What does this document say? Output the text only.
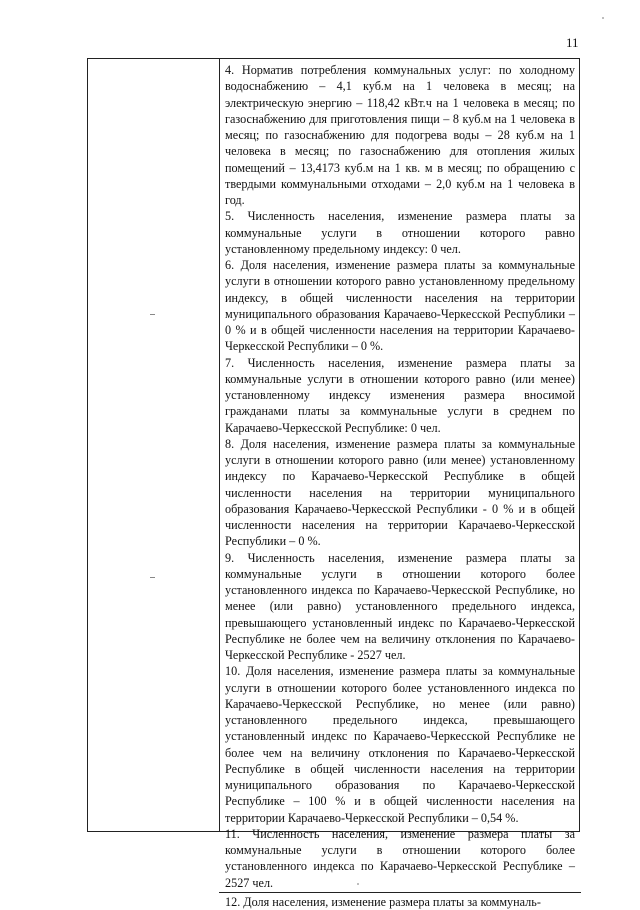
11

4. Норматив потребления коммунальных услуг: по холодному водоснабжению – 4,1 куб.м на 1 человека в месяц; на электрическую энергию – 118,42 кВт.ч на 1 человека в месяц; по газоснабжению для приготовления пищи – 8 куб.м на 1 человека в месяц; по газоснабжению для подогрева воды – 28 куб.м на 1 человека в месяц; по газоснабжению для отопления жилых помещений – 13,4173 куб.м на 1 кв. м в месяц; по обращению с твердыми коммунальными отходами – 2,0 куб.м на 1 человека в год.

5. Численность населения, изменение размера платы за коммунальные услуги в отношении которого равно установленному предельному индексу: 0 чел.

6. Доля населения, изменение размера платы за коммунальные услуги в отношении которого равно установленному предельному индексу, в общей численности населения на территории муниципального образования Карачаево-Черкесской Республики –0 % и в общей численности населения на территории Карачаево-Черкесской Республики – 0 %.

7. Численность населения, изменение размера платы за коммунальные услуги в отношении которого равно (или менее) установленному индексу изменения размера вносимой гражданами платы за коммунальные услуги в среднем по Карачаево-Черкесской Республике: 0 чел.

8. Доля населения, изменение размера платы за коммунальные услуги в отношении которого равно (или менее) установленному индексу по Карачаево-Черкесской Республике в общей численности населения на территории муниципального образования Карачаево-Черкесской Республики - 0 % и в общей численности населения на территории Карачаево-Черкесской Республики – 0 %.

9. Численность населения, изменение размера платы за коммунальные услуги в отношении которого более установленного индекса по Карачаево-Черкесской Республике, но менее (или равно) установленного предельного индекса, превышающего установленный индекс по Карачаево-Черкесской Республике не более чем на величину отклонения по Карачаево-Черкесской Республике - 2527 чел.

10. Доля населения, изменение размера платы за коммунальные услуги в отношении которого более установленного индекса по Карачаево-Черкесской Республике, но менее (или равно) установленного предельного индекса, превышающего установленный индекс по Карачаево-Черкесской Республике не более чем на величину отклонения по Карачаево-Черкесской Республике в общей численности населения на территории муниципального образования по Карачаево-Черкесской Республике – 100 % и в общей численности населения на территории Карачаево-Черкесской Республики – 0,54 %.

11. Численность населения, изменение размера платы за коммунальные услуги в отношении которого более установленного индекса по Карачаево-Черкесской Республике – 2527 чел.

12. Доля населения, изменение размера платы за коммуналь-
